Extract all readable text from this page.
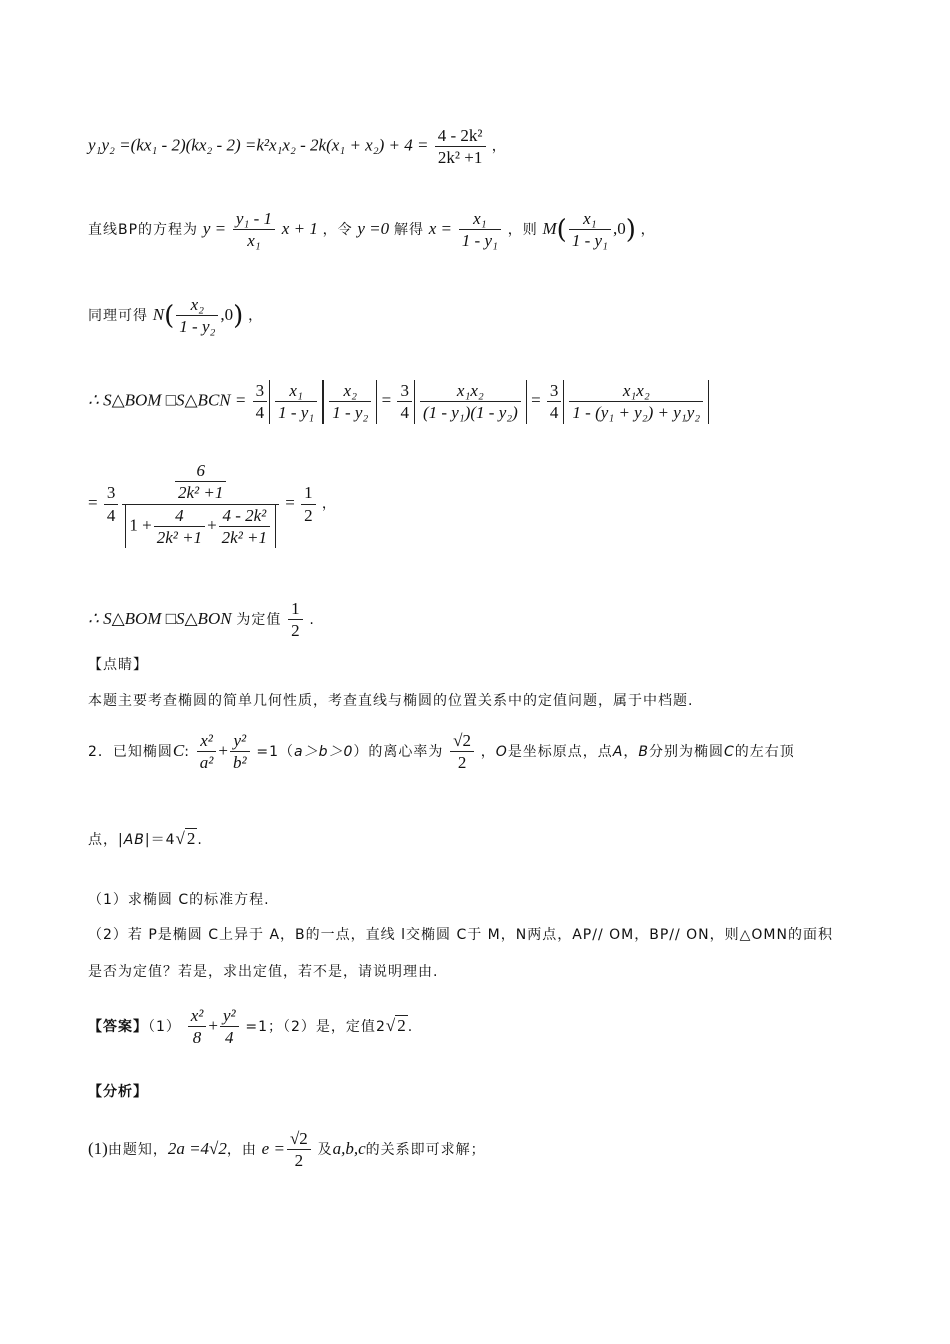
$y_1y_2 =(kx_1 - 2)(kx_2 - 2) =k^2x_1x_2 - 2k(x_1 + x_2) + 4 = \frac{\text{4 - 2k²}}{\text{2k² +1}}$ ，
直线BP的方程为 $y = \frac{\text{y₁ - 1}}{\text{x₁}}$ x + 1 ，令 y =0 解得 $x = \frac{\text{x₁}}{\text{1 - y₁}}$ ，则 $M( \frac{\text{x₁}}{\text{1 - y₁}} ,0)$ ，
同理可得 $N( \frac{\text{x₂}}{\text{1 - y₂}} ,0)$ ，
∴ S△BOM □S△BCN = $\frac{3}{4} \frac{\text{x₁}}{\text{1 - y₁}} \frac{\text{x₂}}{\text{1 - y₂}} = \frac{3}{4} \frac{\text{x₁x₂}}{\text{(1 - y₁)(1 - y₂)}} = \frac{3}{4} \frac{\text{x₁x₂}}{\text{1 - (y₁ + y₂) + y₁y₂}}$
= $\frac{3}{4} \frac{\frac{6}{\text{2k² +1}}}{1 + \frac{4}{\text{2k² +1}} + \frac{\text{4 - 2k²}}{\text{2k² +1}}} = \frac{1}{2}$ ，
∴ S△BOM □S△BON 为定值 $\frac{1}{2}$ .
【点睛】
本题主要考查椭圆的简单几何性质，考查直线与椭圆的位置关系中的定值问题，属于中档题.
2．已知椭圆C: $\frac{\text{x²}}{\text{a²}} + \frac{\text{y²}}{\text{b²}} =1(a>b>0)$的离心率为 $\frac{√2}{2}$ ，O是坐标原点，点A，B分别为椭圆C的左右顶
点，|AB|＝4√ 2 .
（1）求椭圆 C的标准方程.
（2）若 P是椭圆 C上异于 A，B的一点，直线 l交椭圆 C于 M，N两点，AP// OM，BP// ON，则△OMN的面积
是否为定值？若是，求出定值，若不是，请说明理由.
【答案】$(1) \frac{\text{x²}}{8} + \frac{\text{y²}}{4} =1$；（2）是，定值2√ 2 .
【分析】
(1)由题知，2a =4√2，由 $e = \frac{√2}{2}$ 及a,b,c的关系即可求解；
